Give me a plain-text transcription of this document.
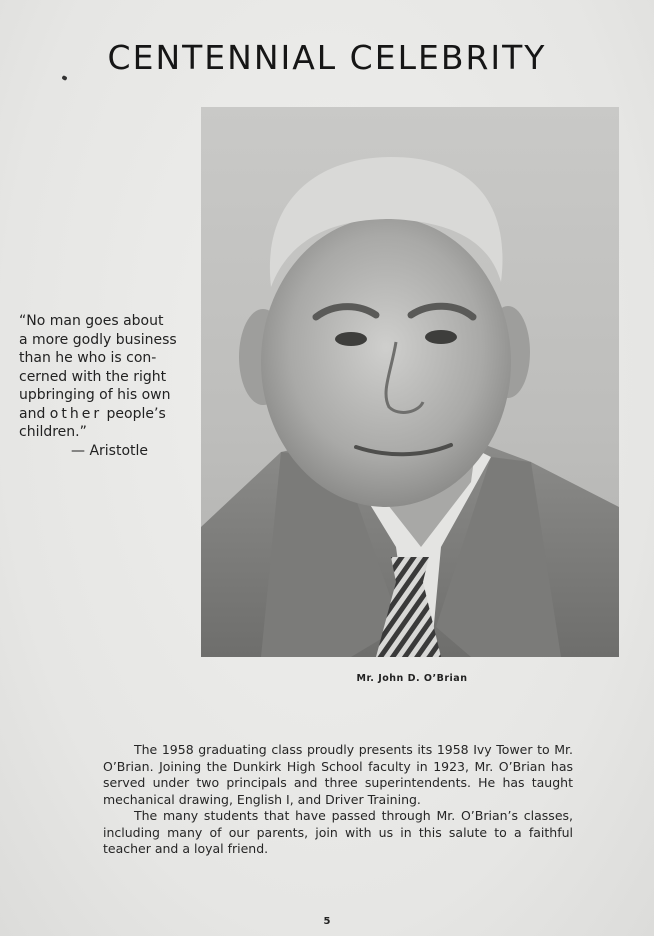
CENTENNIAL CELEBRITY
“No man goes about
a more godly business
than he who is con-
cerned with the right
upbringing of his own
and other people’s
children.”
— Aristotle
Mr. John D. O’Brian

The 1958 graduating class proudly presents its 1958 Ivy Tower to Mr. O’Brian. Joining the Dunkirk High School faculty in 1923, Mr. O’Brian has served under two principals and three superintendents. He has taught mechanical drawing, English I, and Driver Training.

The many students that have passed through Mr. O’Brian’s classes, including many of our parents, join with us in this salute to a faithful teacher and a loyal friend.

5
